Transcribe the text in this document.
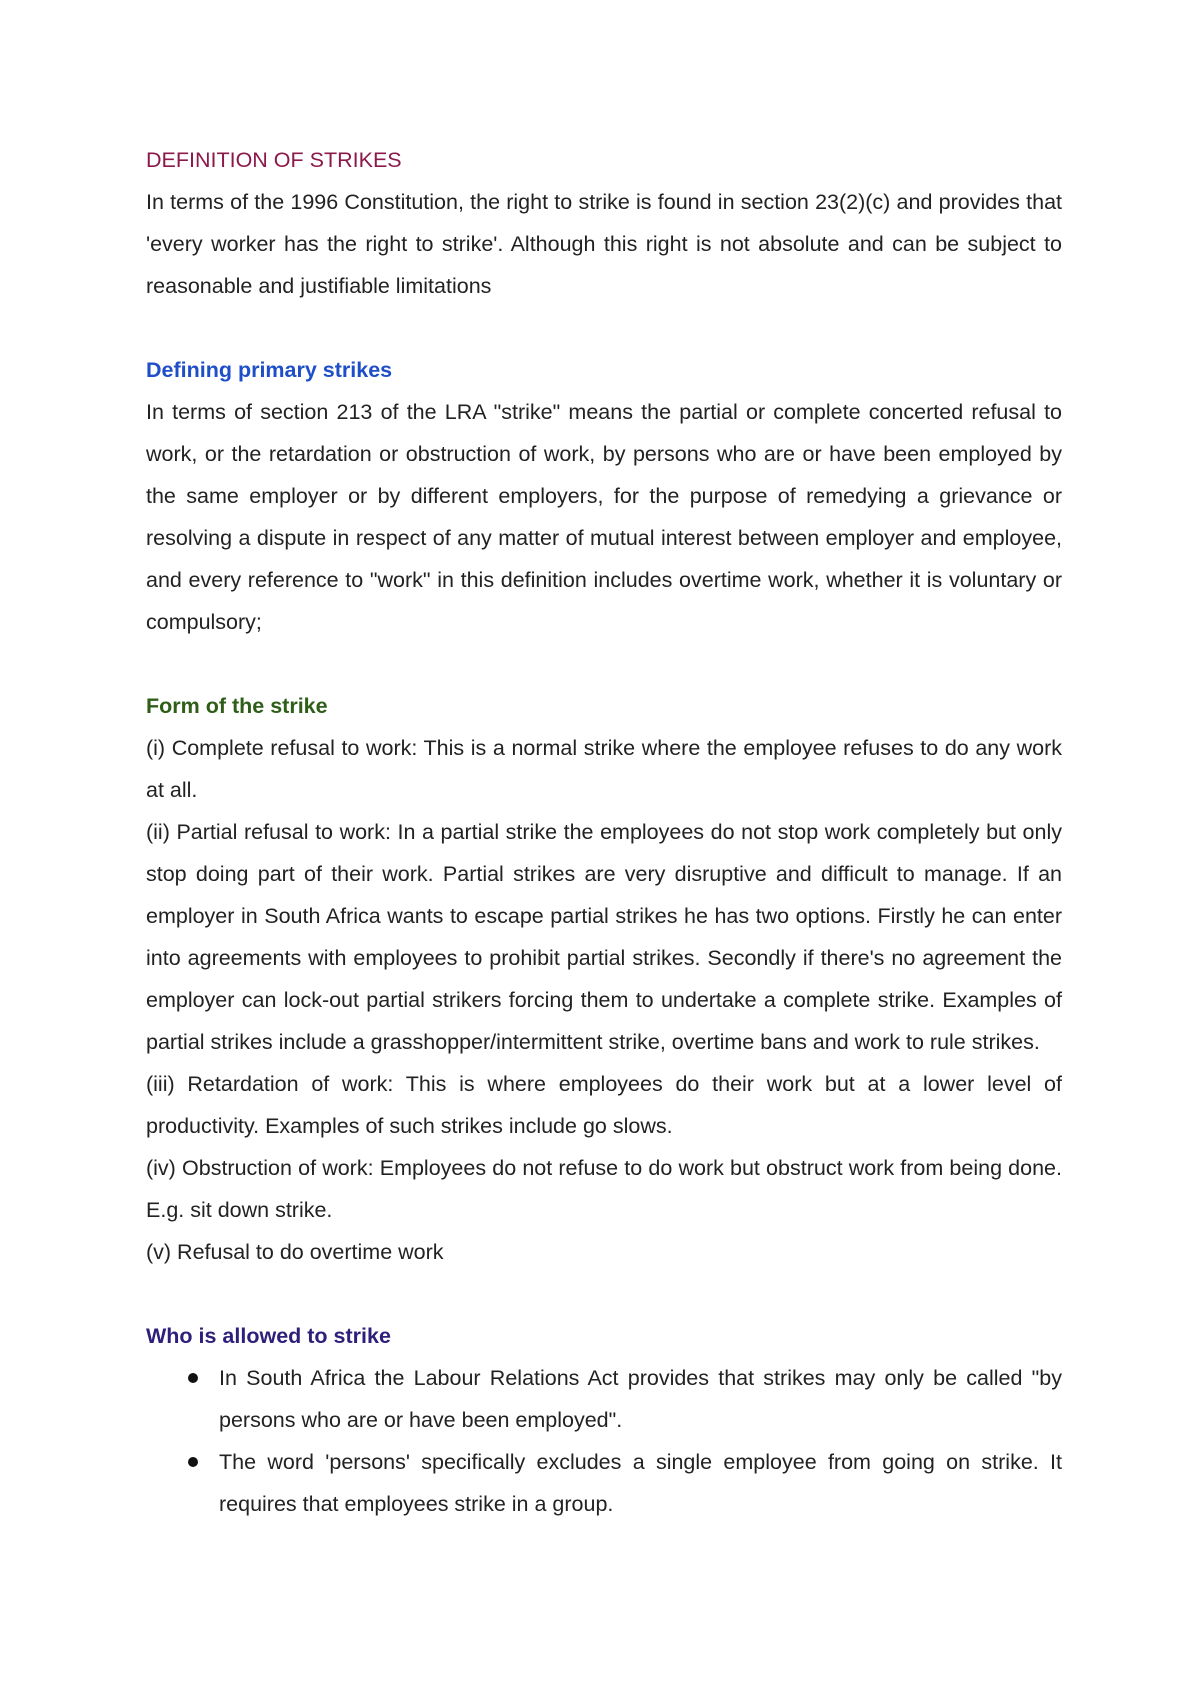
DEFINITION OF STRIKES

In terms of the 1996 Constitution, the right to strike is found in section 23(2)(c) and provides that 'every worker has the right to strike'. Although this right is not absolute and can be subject to reasonable and justifiable limitations

Defining primary strikes

In terms of section 213 of the LRA "strike" means the partial or complete concerted refusal to work, or the retardation or obstruction of work, by persons who are or have been employed by the same employer or by different employers, for the purpose of remedying a grievance or resolving a dispute in respect of any matter of mutual interest between employer and employee, and every reference to "work" in this definition includes overtime work, whether it is voluntary or compulsory;

Form of the strike

(i) Complete refusal to work: This is a normal strike where the employee refuses to do any work at all.

(ii) Partial refusal to work: In a partial strike the employees do not stop work completely but only stop doing part of their work. Partial strikes are very disruptive and difficult to manage. If an employer in South Africa wants to escape partial strikes he has two options. Firstly he can enter into agreements with employees to prohibit partial strikes. Secondly if there's no agreement the employer can lock-out partial strikers forcing them to undertake a complete strike. Examples of partial strikes include a grasshopper/intermittent strike, overtime bans and work to rule strikes.

(iii) Retardation of work: This is where employees do their work but at a lower level of productivity. Examples of such strikes include go slows.

(iv) Obstruction of work: Employees do not refuse to do work but obstruct work from being done. E.g. sit down strike.

(v) Refusal to do overtime work

Who is allowed to strike
In South Africa the Labour Relations Act provides that strikes may only be called "by persons who are or have been employed".
The word 'persons' specifically excludes a single employee from going on strike. It requires that employees strike in a group.
